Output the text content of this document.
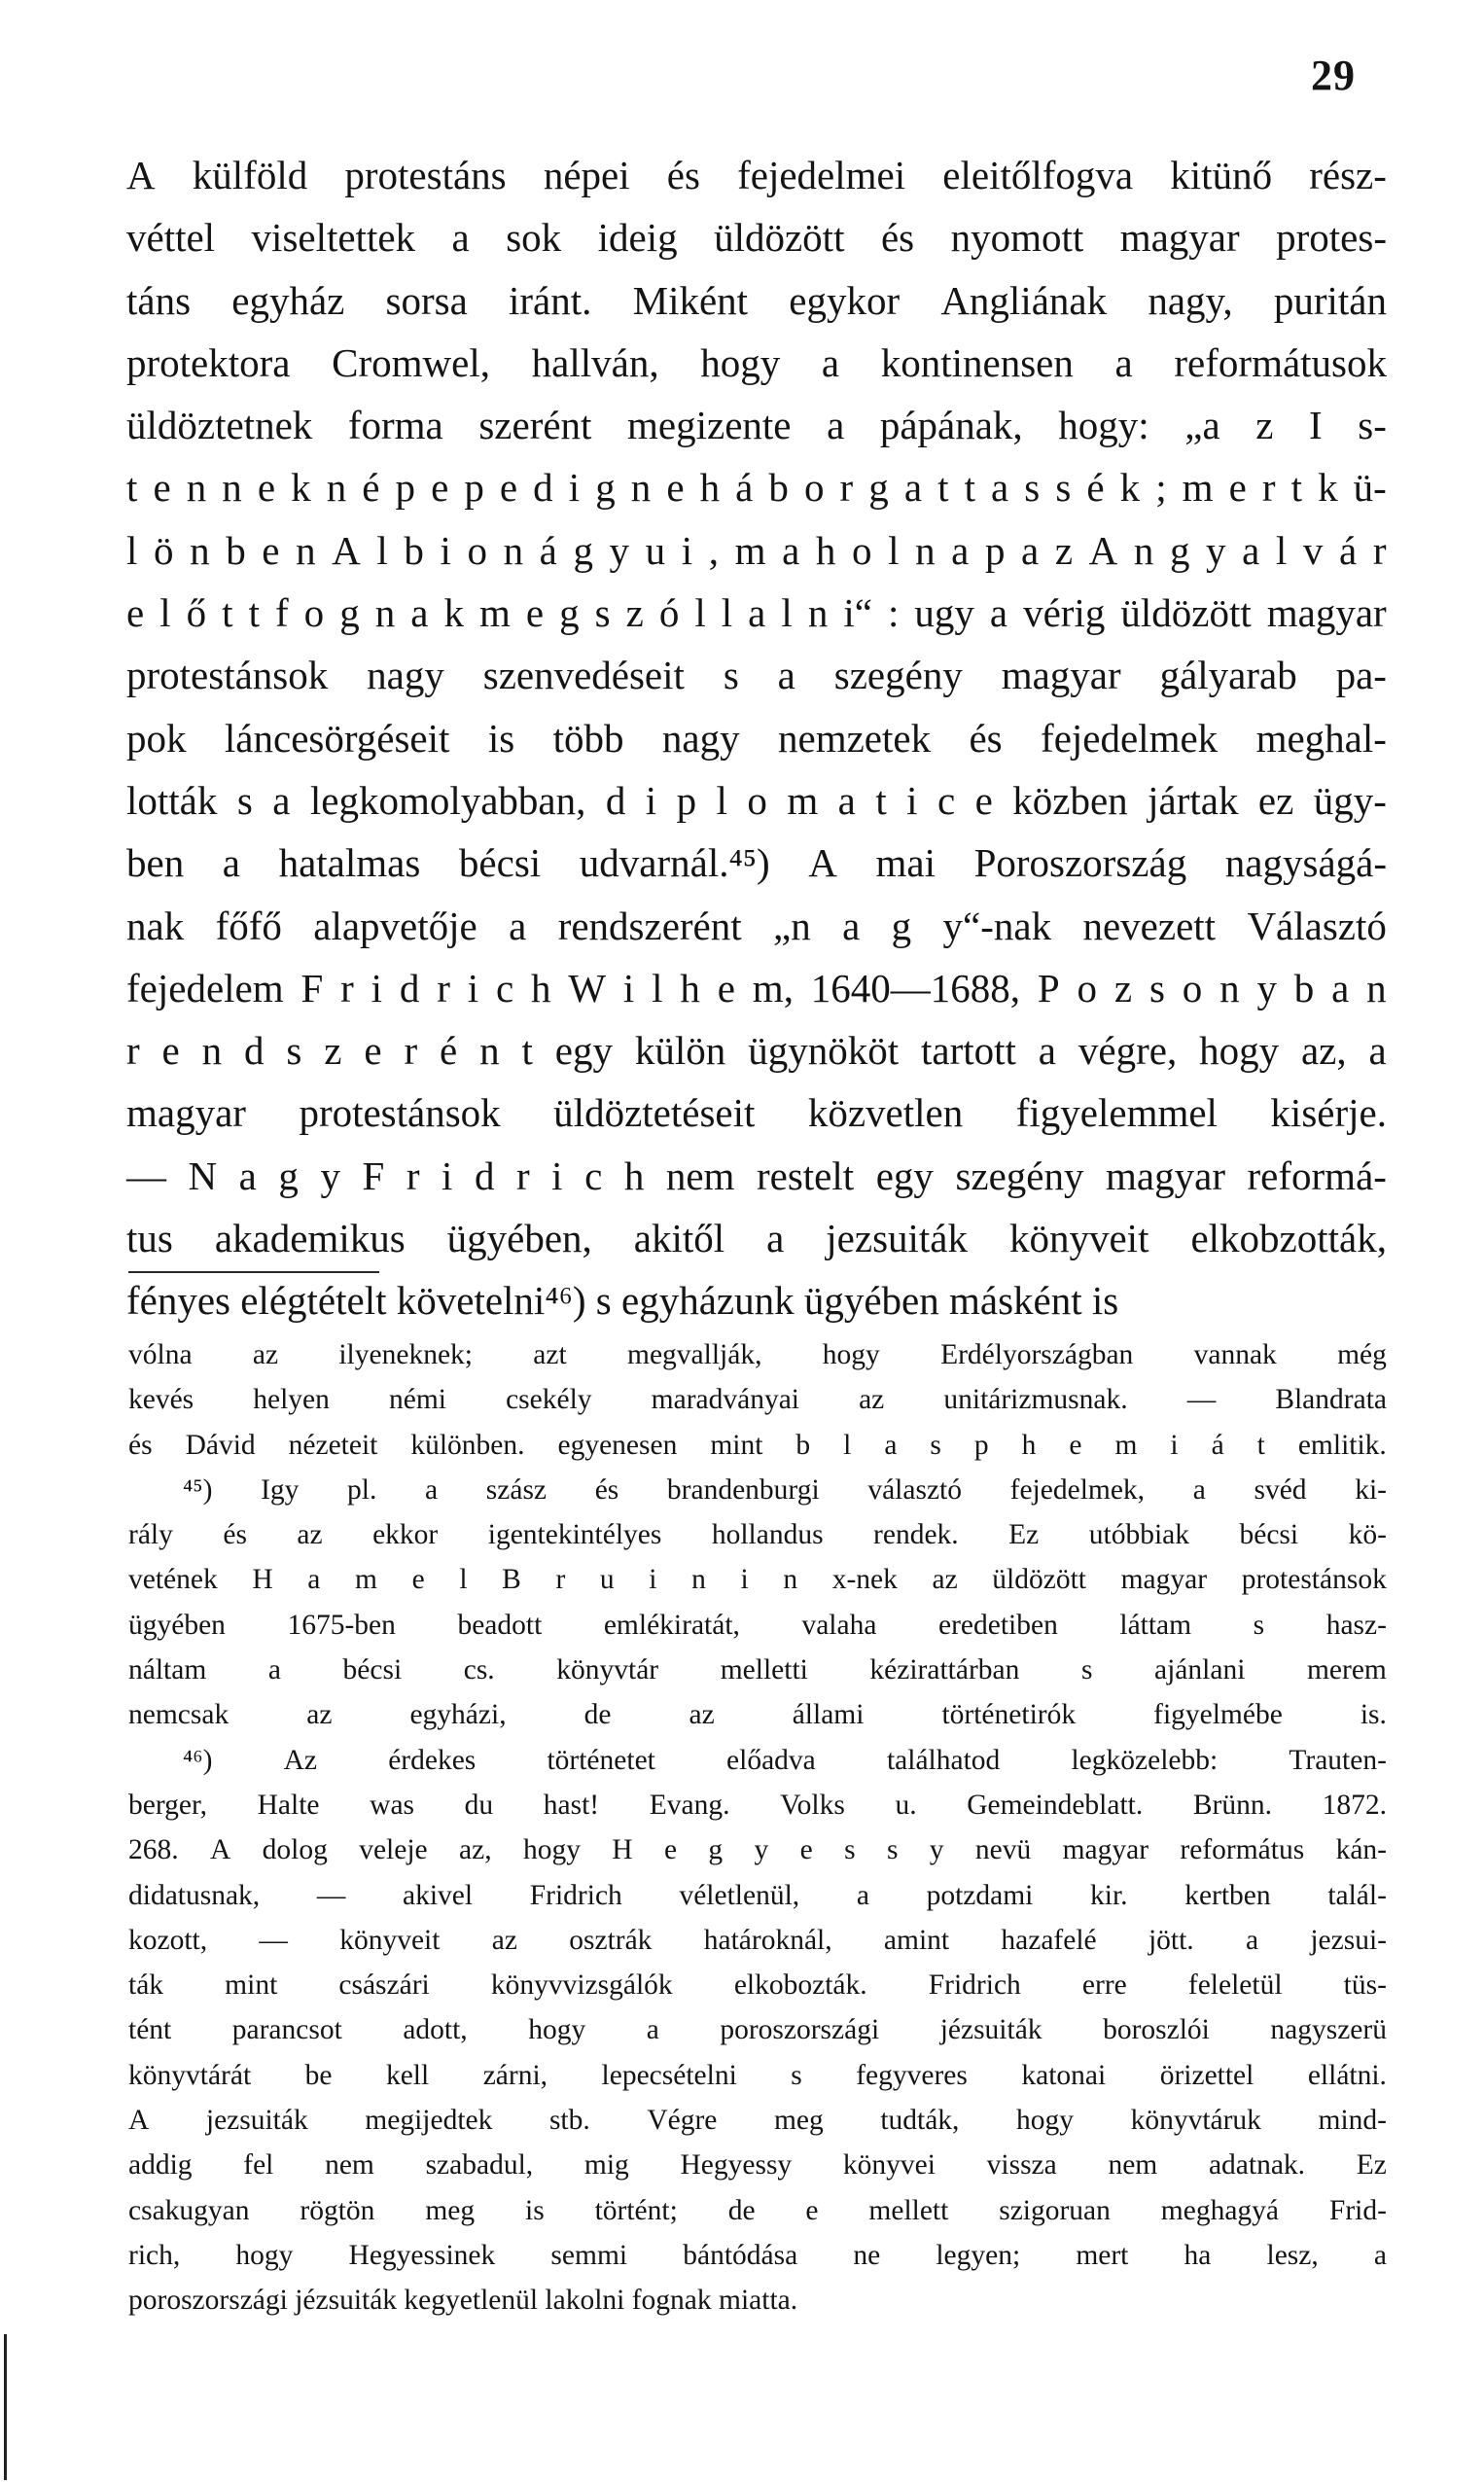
29
A külföld protestáns népei és fejedelmei eleitőlfogva kitünő rész-
véttel viseltettek a sok ideig üldözött és nyomott magyar protes-
táns egyház sorsa iránt. Miként egykor Angliának nagy, puritán
protektora Cromwel, hallván, hogy a kontinensen a reformátusok
üldöztetnek forma szerént megizente a pápának, hogy: „a z I s-
t e n n e k n é p e p e d i g n e h á b o r g a t t a s s é k ; m e r t k ü-
l ö n b e n A l b i o n á g y u i , m a h o l n a p a z A n g y a l v á r
e l ő t t f o g n a k m e g s z ó l l a l n i“ : ugy a vérig üldözött magyar
protestánsok nagy szenvedéseit s a szegény magyar gályarab pa-
pok láncesörgéseit is több nagy nemzetek és fejedelmek meghal-
lották s a legkomolyabban, d i p l o m a t i c e közben jártak ez ügy-
ben a hatalmas bécsi udvarnál.⁴⁵) A mai Poroszország nagyságá-
nak főfő alapvetője a rendszerént „n a g y“-nak nevezett Választó
fejedelem F r i d r i c h W i l h e m, 1640—1688, P o z s o n y b a n
r e n d s z e r é n t egy külön ügynököt tartott a végre, hogy az, a
magyar protestánsok üldöztetéseit közvetlen figyelemmel kisérje.
— N a g y F r i d r i c h nem restelt egy szegény magyar reformá-
tus akademikus ügyében, akitől a jezsuiták könyveit elkobzották,
fényes elégtételt követelni⁴⁶) s egyházunk ügyében másként is
vólna az ilyeneknek; azt megvallják, hogy Erdélyországban vannak még
kevés helyen némi csekély maradványai az unitárizmusnak. — Blandrata
és Dávid nézeteit különben. egyenesen mint b l a s p h e m i á t emlitik.
⁴⁵) Igy pl. a szász és brandenburgi választó fejedelmek, a svéd ki-
rály és az ekkor igentekintélyes hollandus rendek. Ez utóbbiak bécsi kö-
vetének H a m e l B r u i n i n x-nek az üldözött magyar protestánsok
ügyében 1675-ben beadott emlékiratát, valaha eredetiben láttam s hasz-
náltam a bécsi cs. könyvtár melletti kézirattárban s ajánlani merem
nemcsak	az	egyházi,	de	az	állami	történetirók	figyelmébe	is.
⁴⁶) Az érdekes történetet előadva találhatod legközelebb: Trauten-
berger, Halte was du hast! Evang. Volks u. Gemeindeblatt. Brünn. 1872.
268. A dolog veleje az, hogy H e g y e s s y nevü magyar református kán-
didatusnak, — akivel Fridrich véletlenül, a potzdami kir. kertben talál-
kozott, — könyveit az osztrák határoknál, amint hazafelé jött. a jezsui-
ták mint császári könyvvizsgálók elkobozták. Fridrich erre feleletül tüs-
tént parancsot adott, hogy a poroszországi jézsuiták boroszlói nagyszerü
könyvtárát be kell zárni, lepecsételni s fegyveres katonai örizettel ellátni.
A jezsuiták megijedtek stb. Végre meg tudták, hogy könyvtáruk mind-
addig fel nem szabadul, mig Hegyessy könyvei vissza nem adatnak. Ez
csakugyan rögtön meg is történt; de e mellett szigoruan meghagyá Frid-
rich, hogy Hegyessinek semmi bántódása ne legyen; mert ha lesz, a
poroszországi jézsuiták kegyetlenül lakolni fognak miatta.
